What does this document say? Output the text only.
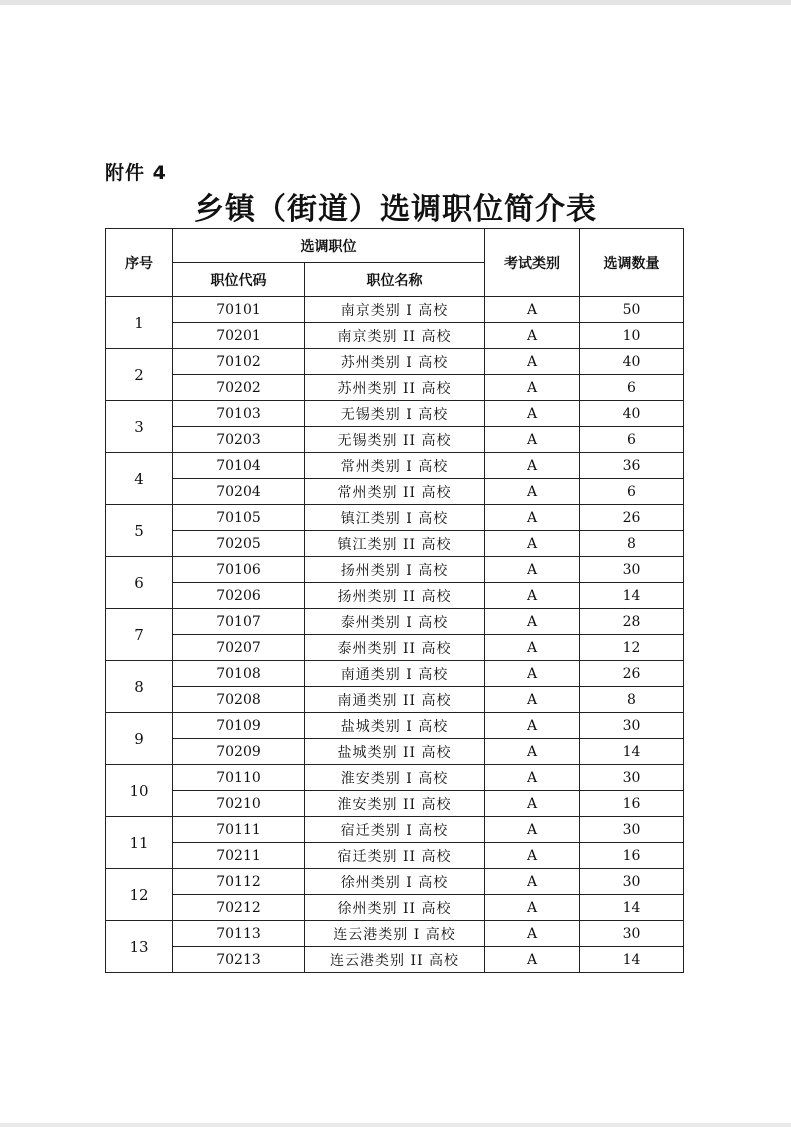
附件 4
乡镇（街道）选调职位简介表
序号	选调职位		考试类别	选调数量
	职位代码	职位名称		
1	70101	南京类别 I 高校	A	50
	70201	南京类别 II 高校	A	10
2	70102	苏州类别 I 高校	A	40
	70202	苏州类别 II 高校	A	6
3	70103	无锡类别 I 高校	A	40
	70203	无锡类别 II 高校	A	6
4	70104	常州类别 I 高校	A	36
	70204	常州类别 II 高校	A	6
5	70105	镇江类别 I 高校	A	26
	70205	镇江类别 II 高校	A	8
6	70106	扬州类别 I 高校	A	30
	70206	扬州类别 II 高校	A	14
7	70107	泰州类别 I 高校	A	28
	70207	泰州类别 II 高校	A	12
8	70108	南通类别 I 高校	A	26
	70208	南通类别 II 高校	A	8
9	70109	盐城类别 I 高校	A	30
	70209	盐城类别 II 高校	A	14
10	70110	淮安类别 I 高校	A	30
	70210	淮安类别 II 高校	A	16
11	70111	宿迁类别 I 高校	A	30
	70211	宿迁类别 II 高校	A	16
12	70112	徐州类别 I 高校	A	30
	70212	徐州类别 II 高校	A	14
13	70113	连云港类别 I 高校	A	30
	70213	连云港类别 II 高校	A	14
